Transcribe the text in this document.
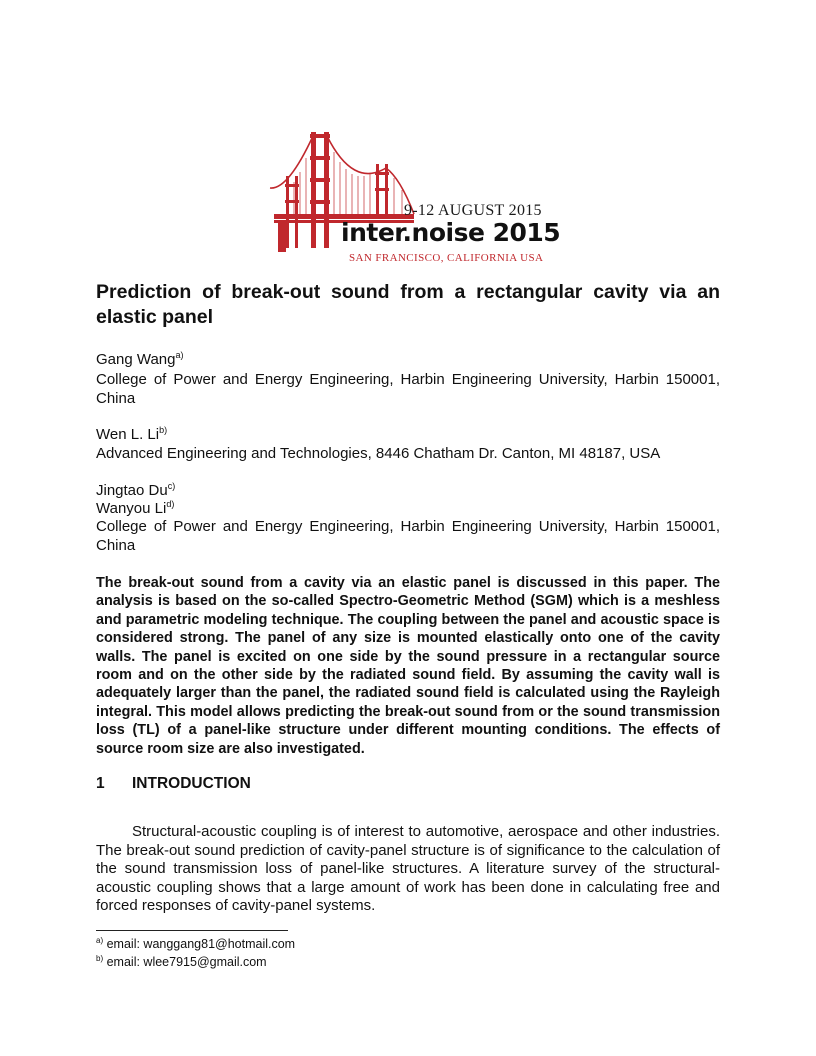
9-12 AUGUST 2015
inter.noise 2015
SAN FRANCISCO, CALIFORNIA USA
Prediction of break-out sound from a rectangular cavity via an elastic panel

Gang Wang$^{a)}$

College of Power and Energy Engineering, Harbin Engineering University, Harbin 150001, China

Wen L. Li$^{b)}$

Advanced Engineering and Technologies, 8446 Chatham Dr. Canton, MI 48187, USA

Jingtao Du$^{c)}$

Wanyou Li$^{d)}$

College of Power and Energy Engineering, Harbin Engineering University, Harbin 150001, China

The break-out sound from a cavity via an elastic panel is discussed in this paper. The analysis is based on the so-called Spectro-Geometric Method (SGM) which is a meshless and parametric modeling technique. The coupling between the panel and acoustic space is considered strong. The panel of any size is mounted elastically onto one of the cavity walls. The panel is excited on one side by the sound pressure in a rectangular source room and on the other side by the radiated sound field. By assuming the cavity wall is adequately larger than the panel, the radiated sound field is calculated using the Rayleigh integral. This model allows predicting the break-out sound from or the sound transmission loss (TL) of a panel-like structure under different mounting conditions. The effects of source room size are also investigated.

1 INTRODUCTION

Structural-acoustic coupling is of interest to automotive, aerospace and other industries. The break-out sound prediction of cavity-panel structure is of significance to the calculation of the sound transmission loss of panel-like structures. A literature survey of the structural-acoustic coupling shows that a large amount of work has been done in calculating free and forced responses of cavity-panel systems.

$^{a)}$ email: wanggang81@hotmail.com

$^{b)}$ email: wlee7915@gmail.com
